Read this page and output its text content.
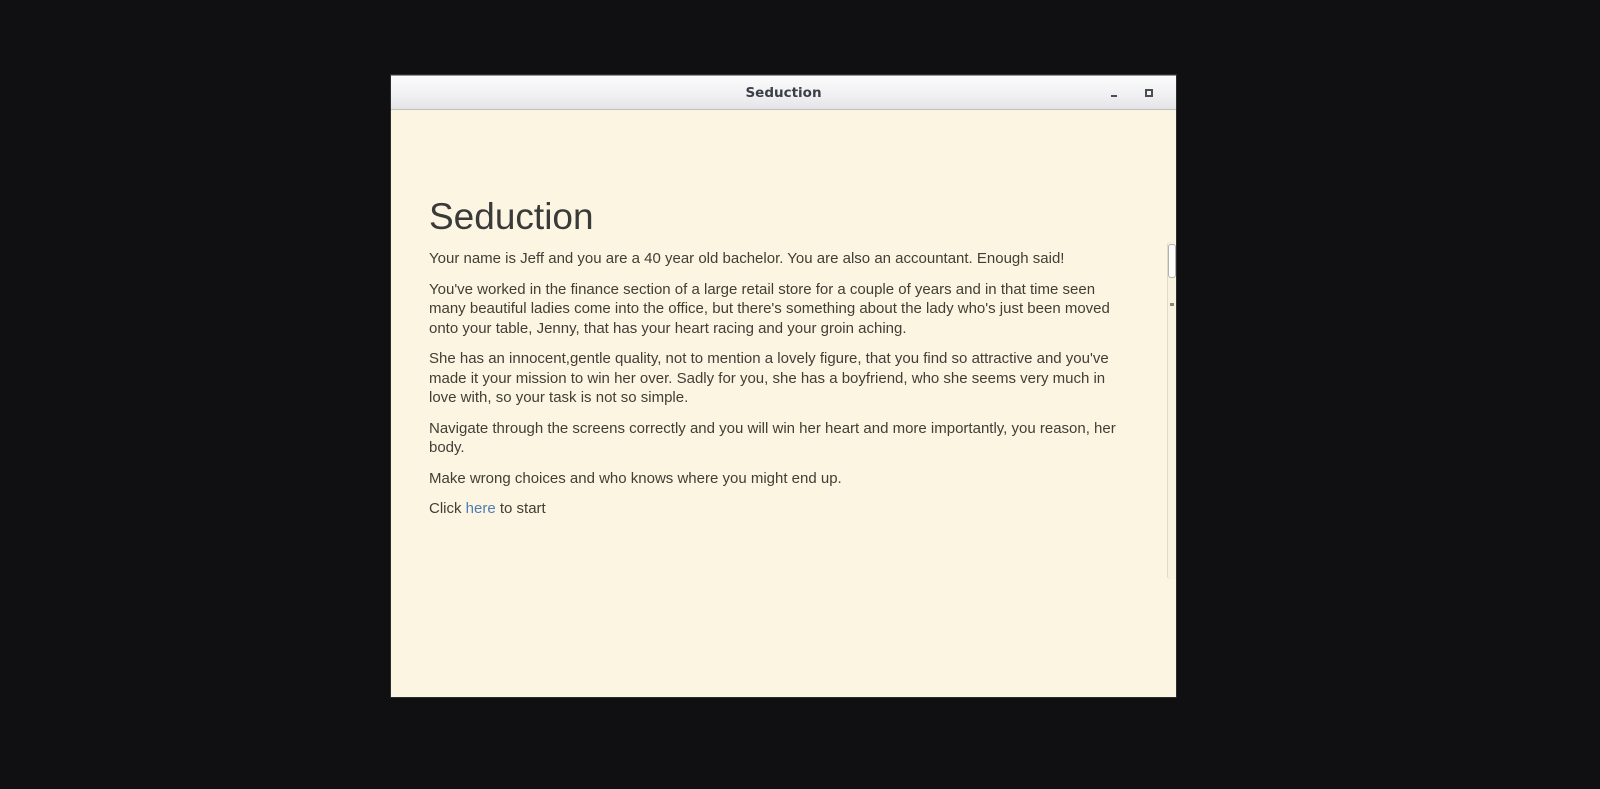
Seduction
Seduction

Your name is Jeff and you are a 40 year old bachelor. You are also an accountant. Enough said!

You've worked in the finance section of a large retail store for a couple of years and in that time seen many beautiful ladies come into the office, but there's something about the lady who's just been moved onto your table, Jenny, that has your heart racing and your groin aching.

She has an innocent,gentle quality, not to mention a lovely figure, that you find so attractive and you've made it your mission to win her over. Sadly for you, she has a boyfriend, who she seems very much in love with, so your task is not so simple.

Navigate through the screens correctly and you will win her heart and more importantly, you reason, her body.

Make wrong choices and who knows where you might end up.

Click here to start
